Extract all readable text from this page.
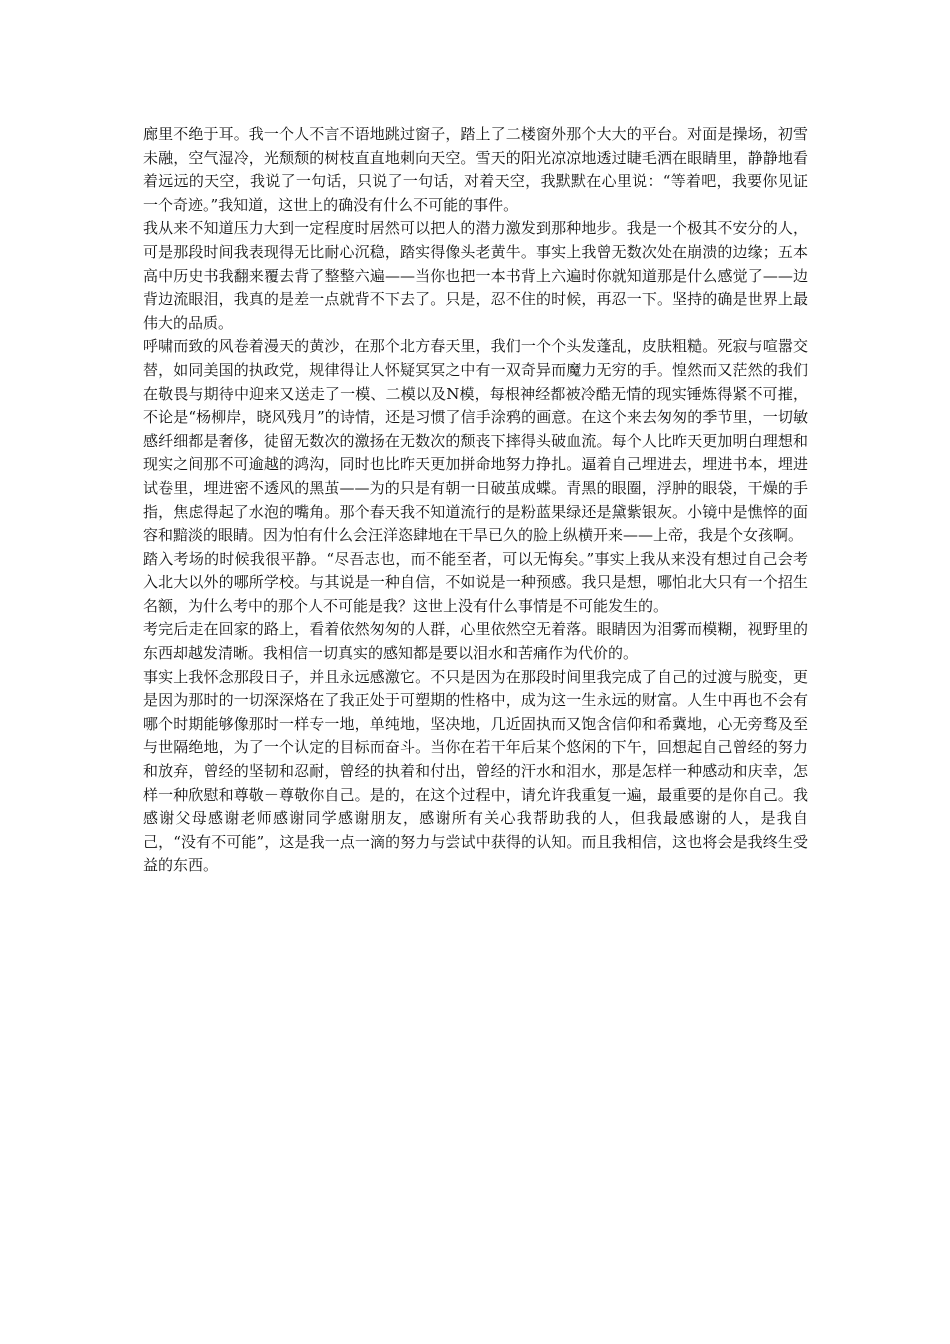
廊里不绝于耳。我一个人不言不语地跳过窗子，踏上了二楼窗外那个大大的平台。对面是操场，初雪未融，空气湿冷，光颓颓的树枝直直地刺向天空。雪天的阳光凉凉地透过睫毛洒在眼睛里，静静地看着远远的天空，我说了一句话，只说了一句话，对着天空，我默默在心里说：“等着吧，我要你见证一个奇迹。”我知道，这世上的确没有什么不可能的事件。

我从来不知道压力大到一定程度时居然可以把人的潜力激发到那种地步。我是一个极其不安分的人，可是那段时间我表现得无比耐心沉稳，踏实得像头老黄牛。事实上我曾无数次处在崩溃的边缘；五本高中历史书我翻来覆去背了整整六遍——当你也把一本书背上六遍时你就知道那是什么感觉了——边背边流眼泪，我真的是差一点就背不下去了。只是，忍不住的时候，再忍一下。坚持的确是世界上最伟大的品质。

呼啸而致的风卷着漫天的黄沙，在那个北方春天里，我们一个个头发蓬乱，皮肤粗糙。死寂与喧嚣交替，如同美国的执政党，规律得让人怀疑冥冥之中有一双奇异而魔力无穷的手。惶然而又茫然的我们在敬畏与期待中迎来又送走了一模、二模以及N模，每根神经都被冷酷无情的现实锤炼得紧不可摧，不论是“杨柳岸，晓风残月”的诗情，还是习惯了信手涂鸦的画意。在这个来去匆匆的季节里，一切敏感纤细都是奢侈，徒留无数次的激扬在无数次的颓丧下摔得头破血流。每个人比昨天更加明白理想和现实之间那不可逾越的鸿沟，同时也比昨天更加拼命地努力挣扎。逼着自己埋进去，埋进书本，埋进试卷里，埋进密不透风的黑茧——为的只是有朝一日破茧成蝶。青黑的眼圈，浮肿的眼袋，干燥的手指，焦虑得起了水泡的嘴角。那个春天我不知道流行的是粉蓝果绿还是黛紫银灰。小镜中是憔悴的面容和黯淡的眼睛。因为怕有什么会汪洋恣肆地在干旱已久的脸上纵横开来——上帝，我是个女孩啊。

踏入考场的时候我很平静。“尽吾志也，而不能至者，可以无悔矣。”事实上我从来没有想过自己会考入北大以外的哪所学校。与其说是一种自信，不如说是一种预感。我只是想，哪怕北大只有一个招生名额，为什么考中的那个人不可能是我？这世上没有什么事情是不可能发生的。

考完后走在回家的路上，看着依然匆匆的人群，心里依然空无着落。眼睛因为泪雾而模糊，视野里的东西却越发清晰。我相信一切真实的感知都是要以泪水和苦痛作为代价的。

事实上我怀念那段日子，并且永远感激它。不只是因为在那段时间里我完成了自己的过渡与脱变，更是因为那时的一切深深烙在了我正处于可塑期的性格中，成为这一生永远的财富。人生中再也不会有哪个时期能够像那时一样专一地，单纯地，坚决地，几近固执而又饱含信仰和希冀地，心无旁骛及至与世隔绝地，为了一个认定的目标而奋斗。当你在若干年后某个悠闲的下午，回想起自己曾经的努力和放弃，曾经的坚韧和忍耐，曾经的执着和付出，曾经的汗水和泪水，那是怎样一种感动和庆幸，怎样一种欣慰和尊敬－尊敬你自己。是的，在这个过程中，请允许我重复一遍，最重要的是你自己。我感谢父母感谢老师感谢同学感谢朋友，感谢所有关心我帮助我的人，但我最感谢的人，是我自己，“没有不可能”，这是我一点一滴的努力与尝试中获得的认知。而且我相信，这也将会是我终生受益的东西。
